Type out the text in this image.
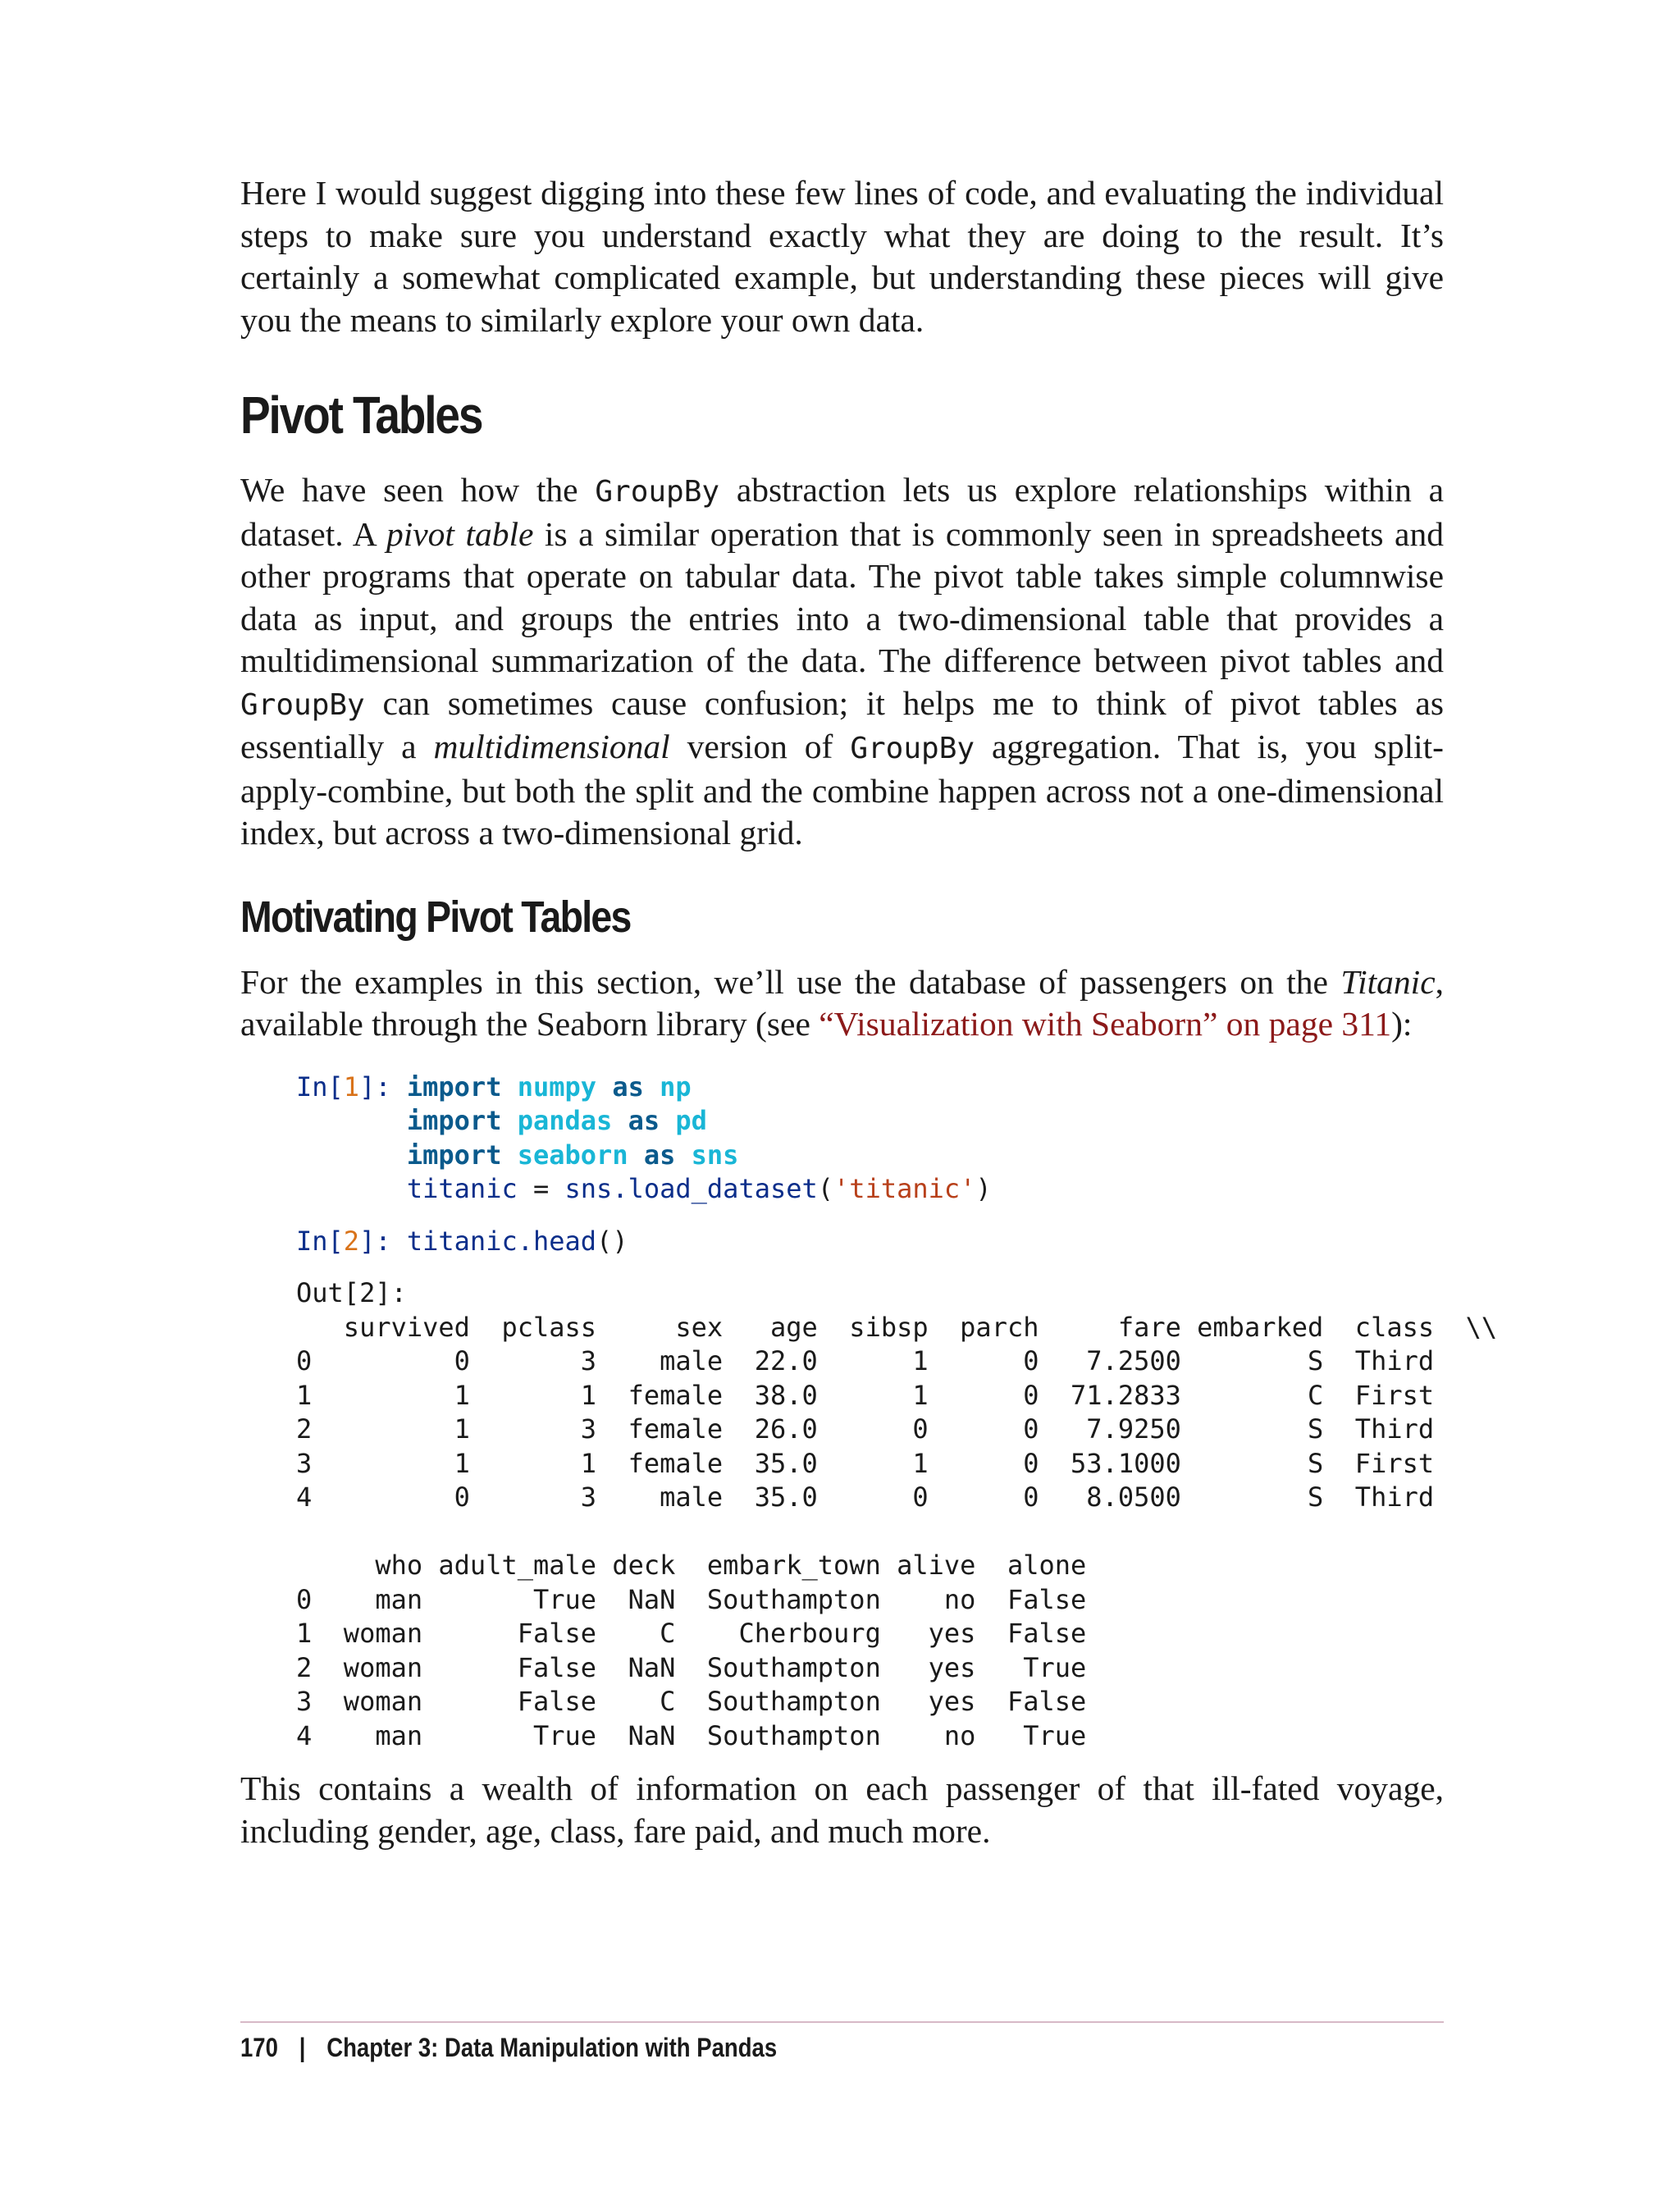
Here I would suggest digging into these few lines of code, and evaluating the individual steps to make sure you understand exactly what they are doing to the result. It’s certainly a somewhat complicated example, but understanding these pieces will give you the means to similarly explore your own data.

Pivot Tables

We have seen how the GroupBy abstraction lets us explore relationships within a dataset. A pivot table is a similar operation that is commonly seen in spreadsheets and other programs that operate on tabular data. The pivot table takes simple columnwise data as input, and groups the entries into a two-dimensional table that provides a multidimensional summarization of the data. The difference between pivot tables and GroupBy can sometimes cause confusion; it helps me to think of pivot tables as essentially a multidimensional version of GroupBy aggregation. That is, you split-apply-combine, but both the split and the combine happen across not a one-dimensional index, but across a two-dimensional grid.

Motivating Pivot Tables

For the examples in this section, we’ll use the database of passengers on the Titanic, available through the Seaborn library (see “Visualization with Seaborn” on page 311):

In[1]: import numpy as np
import pandas as pd
import seaborn as sns
titanic = sns.load_dataset('titanic')
In[2]: titanic.head()
Out[2]:
survived  pclass     sex   age  sibsp  parch     fare embarked  class  \\
0         0       3    male  22.0      1      0   7.2500        S  Third
1         1       1  female  38.0      1      0  71.2833        C  First
2         1       3  female  26.0      0      0   7.9250        S  Third
3         1       1  female  35.0      1      0  53.1000        S  First
4         0       3    male  35.0      0      0   8.0500        S  Third

who adult_male deck  embark_town alive  alone
0    man       True  NaN  Southampton    no  False
1  woman      False    C    Cherbourg   yes  False
2  woman      False  NaN  Southampton   yes   True
3  woman      False    C  Southampton   yes  False
4    man       True  NaN  Southampton    no   True

This contains a wealth of information on each passenger of that ill-fated voyage, including gender, age, class, fare paid, and much more.

170 | Chapter 3: Data Manipulation with Pandas
